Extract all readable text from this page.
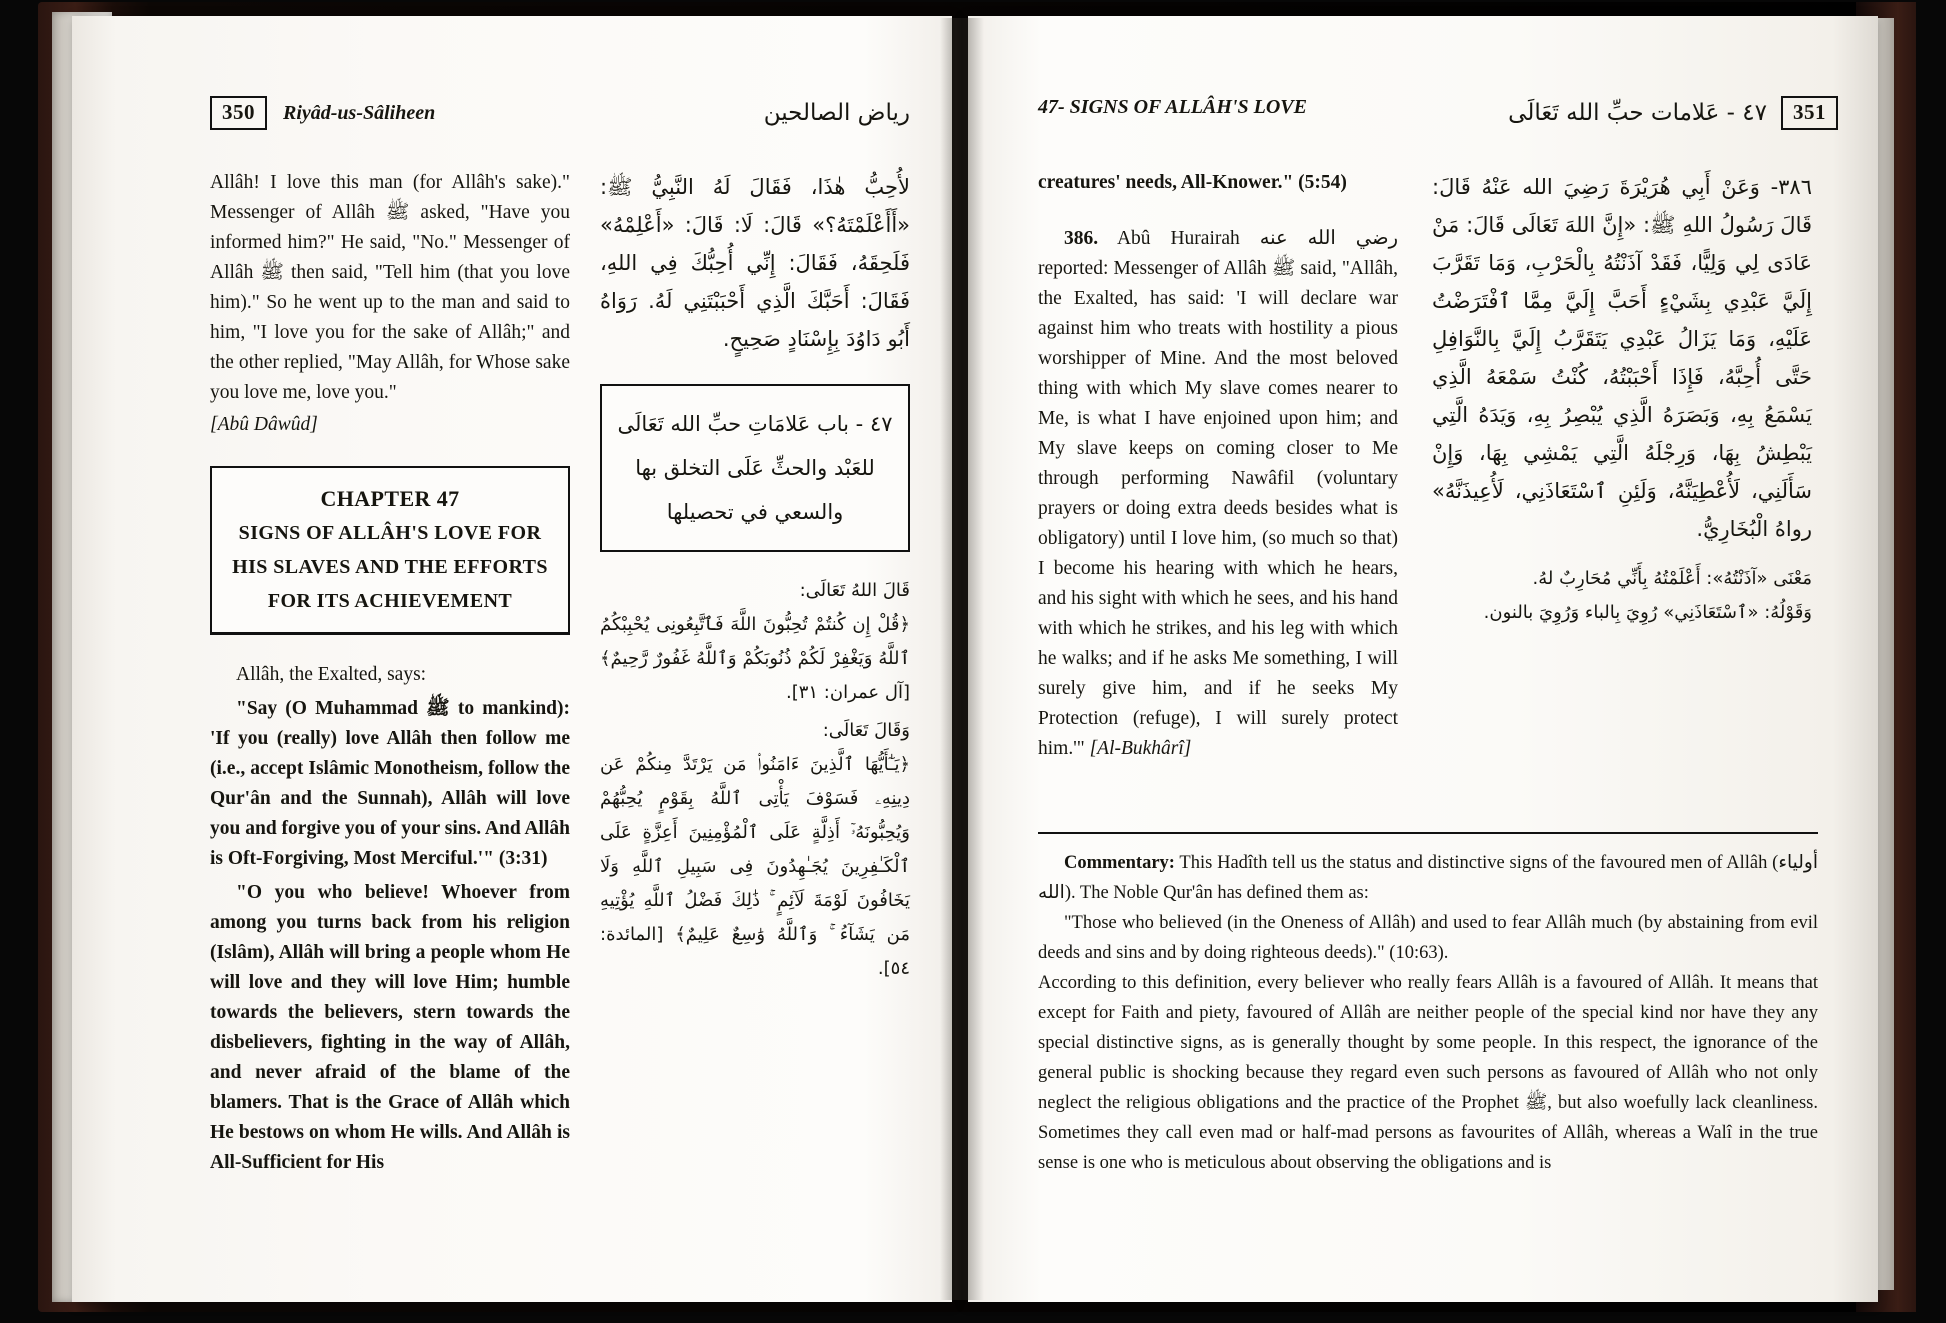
350 Riyâd-us-Sâliheen	رياض الصالحين
Allâh! I love this man (for Allâh's sake)." Messenger of Allâh ﷺ asked, "Have you informed him?" He said, "No." Messenger of Allâh ﷺ then said, "Tell him (that you love him)." So he went up to the man and said to him, "I love you for the sake of Allâh;" and the other replied, "May Allâh, for Whose sake you love me, love you."
[Abû Dâwûd]
CHAPTER 47
SIGNS OF ALLÂH'S LOVE FOR
HIS SLAVES AND THE EFFORTS
FOR ITS ACHIEVEMENT
Allâh, the Exalted, says:
"Say (O Muhammad ﷺ to mankind): 'If you (really) love Allâh then follow me (i.e., accept Islâmic Monotheism, follow the Qur'ân and the Sunnah), Allâh will love you and forgive you of your sins. And Allâh is Oft-Forgiving, Most Merciful.'" (3:31)
"O you who believe! Whoever from among you turns back from his religion (Islâm), Allâh will bring a people whom He will love and they will love Him; humble towards the believers, stern towards the disbelievers, fighting in the way of Allâh, and never afraid of the blame of the blamers. That is the Grace of Allâh which He bestows on whom He wills. And Allâh is All-Sufficient for His
لأُحِبُّ هٰذَا، فَقَالَ لَهُ النَّبِيُّ ﷺ: «أَأَعْلَمْتَهُ؟» قَالَ: لَا: قَالَ: «أَعْلِمْهُ» فَلَحِقَهُ، فَقَالَ: إِنِّي أُحِبُّكَ فِي اللهِ، فَقَالَ: أَحَبَّكَ الَّذِي أَحْبَبْتَنِي لَهُ. رَوَاهُ أَبُو دَاوُدَ بِإِسْنَادٍ صَحِيحٍ.
٤٧ - باب عَلامَاتِ حبِّ الله تَعَالَى
للعَبْد والحثِّ عَلَى التخلق بها
والسعي في تحصيلها
قَالَ اللهُ تَعَالَى:
﴿قُلْ إِن كُنتُمْ تُحِبُّونَ اللَّهَ فَٱتَّبِعُونِى يُحْبِبْكُمُ ٱللَّهُ وَيَغْفِرْ لَكُمْ ذُنُوبَكُمْ وَٱللَّهُ غَفُورٌ رَّحِيمٌ﴾ [آل عمران: ٣١].
وَقَالَ تَعَالَى:
﴿يَـٰٓأَيُّهَا ٱلَّذِينَ ءَامَنُوا۟ مَن يَرْتَدَّ مِنكُمْ عَن دِينِهِۦ فَسَوْفَ يَأْتِى ٱللَّهُ بِقَوْمٍ يُحِبُّهُمْ وَيُحِبُّونَهُۥٓ أَذِلَّةٍ عَلَى ٱلْمُؤْمِنِينَ أَعِزَّةٍ عَلَى ٱلْكَـٰفِرِينَ يُجَـٰهِدُونَ فِى سَبِيلِ ٱللَّهِ وَلَا يَخَافُونَ لَوْمَةَ لَآئِمٍ ۚ ذَٰلِكَ فَضْلُ ٱللَّهِ يُؤْتِيهِ مَن يَشَآءُ ۚ وَٱللَّهُ وَٰسِعٌ عَلِيمٌ﴾ [المائدة: ٥٤].
47- SIGNS OF ALLÂH'S LOVE	351
٤٧ - عَلامات حبِّ الله تَعَالَى
creatures' needs, All-Knower." (5:54)
386. Abû Hurairah رضي الله عنه reported: Messenger of Allâh ﷺ said, "Allâh, the Exalted, has said: 'I will declare war against him who treats with hostility a pious worshipper of Mine. And the most beloved thing with which My slave comes nearer to Me, is what I have enjoined upon him; and My slave keeps on coming closer to Me through performing Nawâfil (voluntary prayers or doing extra deeds besides what is obligatory) until I love him, (so much so that) I become his hearing with which he hears, and his sight with which he sees, and his hand with which he strikes, and his leg with which he walks; and if he asks Me something, I will surely give him, and if he seeks My Protection (refuge), I will surely protect him.'" [Al-Bukhârî]
٣٨٦- وَعَنْ أَبِي هُرَيْرَةَ رَضِيَ الله عَنْهُ قَالَ: قَالَ رَسُولُ اللهِ ﷺ: «إِنَّ اللهَ تَعَالَى قَالَ: مَنْ عَادَى لِي وَلِيًّا، فَقَدْ آذَنْتُهُ بِالْحَرْبِ، وَمَا تَقَرَّبَ إِلَيَّ عَبْدِي بِشَيْءٍ أَحَبَّ إِلَيَّ مِمَّا ٱفْتَرَضْتُ عَلَيْهِ، وَمَا يَزَالُ عَبْدِي يَتَقَرَّبُ إِلَيَّ بِالنَّوَافِلِ حَتَّى أُحِبَّهُ، فَإِذَا أَحْبَبْتُهُ، كُنْتُ سَمْعَهُ الَّذِي يَسْمَعُ بِهِ، وَبَصَرَهُ الَّذِي يُبْصِرُ بِهِ، وَيَدَهُ الَّتِي يَبْطِشُ بِهَا، وَرِجْلَهُ الَّتِي يَمْشِي بِهَا، وَإِنْ سَأَلَنِي، لَأُعْطِيَنَّهُ، وَلَئِنِ ٱسْتَعَاذَنِي، لَأُعِيذَنَّهُ» رواهُ الْبُخَارِيُّ.
مَعْنَى «آذَنْتُهُ»: أَعْلَمْتُهُ بِأَنِّي مُحَارِبٌ لهُ.
وَقَوْلُهُ: «ٱسْتَعَاذَنِي» رُوِيَ بِالباء وَرُوِيَ بالنون.
Commentary: This Hadîth tell us the status and distinctive signs of the favoured men of Allâh (أولياء الله). The Noble Qur'ân has defined them as:
"Those who believed (in the Oneness of Allâh) and used to fear Allâh much (by abstaining from evil deeds and sins and by doing righteous deeds)." (10:63).
According to this definition, every believer who really fears Allâh is a favoured of Allâh. It means that except for Faith and piety, favoured of Allâh are neither people of the special kind nor have they any special distinctive signs, as is generally thought by some people. In this respect, the ignorance of the general public is shocking because they regard even such persons as favoured of Allâh who not only neglect the religious obligations and the practice of the Prophet ﷺ, but also woefully lack cleanliness. Sometimes they call even mad or half-mad persons as favourites of Allâh, whereas a Walî in the true sense is one who is meticulous about observing the obligations and is
